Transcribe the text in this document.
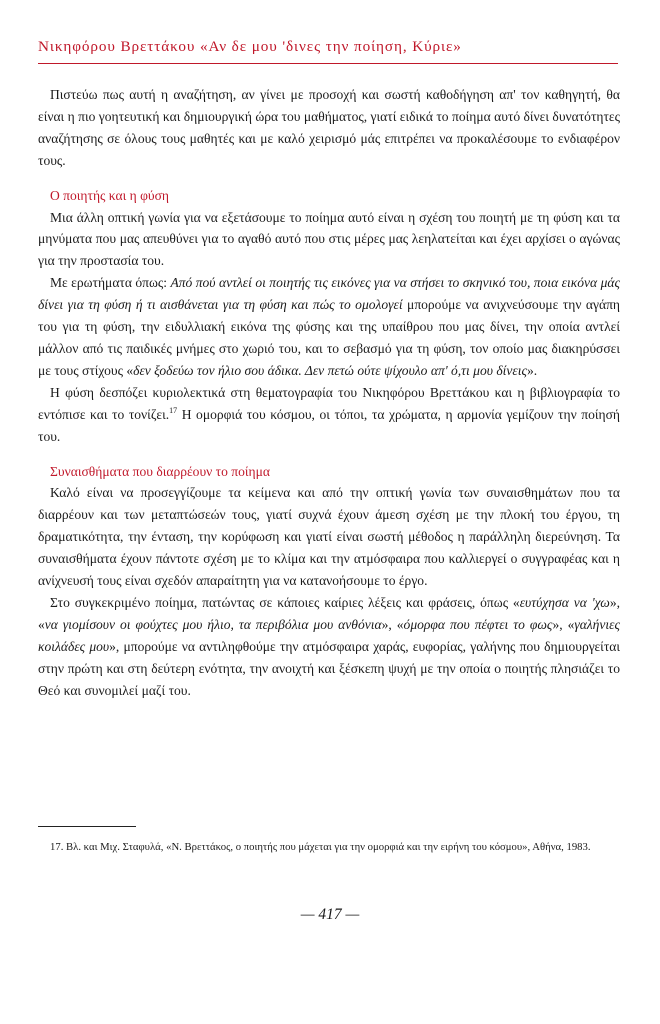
Νικηφόρου Βρεττάκου «Αν δε μου 'δινες την ποίηση, Κύριε»

Πιστεύω πως αυτή η αναζήτηση, αν γίνει με προσοχή και σωστή καθοδήγηση απ' τον καθηγητή, θα είναι η πιο γοητευτική και δημιουργική ώρα του μαθήματος, γιατί ειδικά το ποίημα αυτό δίνει δυνατότητες αναζήτησης σε όλους τους μαθητές και με καλό χειρισμό μάς επιτρέπει να προκαλέσουμε το ενδιαφέρον τους.

Ο ποιητής και η φύση

Μια άλλη οπτική γωνία για να εξετάσουμε το ποίημα αυτό είναι η σχέση του ποιητή με τη φύση και τα μηνύματα που μας απευθύνει για το αγαθό αυτό που στις μέρες μας λεηλατείται και έχει αρχίσει ο αγώνας για την προστασία του.

Με ερωτήματα όπως: Από πού αντλεί οι ποιητής τις εικόνες για να στήσει το σκηνικό του, ποια εικόνα μάς δίνει για τη φύση ή τι αισθάνεται για τη φύση και πώς το ομολογεί μπορούμε να ανιχνεύσουμε την αγάπη του για τη φύση, την ειδυλλιακή εικόνα της φύσης και της υπαίθρου που μας δίνει, την οποία αντλεί μάλλον από τις παιδικές μνήμες στο χωριό του, και το σεβασμό για τη φύση, τον οποίο μας διακηρύσσει με τους στίχους «δεν ξοδεύω τον ήλιο σου άδικα. Δεν πετώ ούτε ψίχουλο απ' ό,τι μου δίνεις».

Η φύση δεσπόζει κυριολεκτικά στη θεματογραφία του Νικηφόρου Βρεττάκου και η βιβλιογραφία το εντόπισε και το τονίζει.$^{17}$ Η ομορφιά του κόσμου, οι τόποι, τα χρώματα, η αρμονία γεμίζουν την ποίησή του.

Συναισθήματα που διαρρέουν το ποίημα

Καλό είναι να προσεγγίζουμε τα κείμενα και από την οπτική γωνία των συναισθημάτων που τα διαρρέουν και των μεταπτώσεών τους, γιατί συχνά έχουν άμεση σχέση με την πλοκή του έργου, τη δραματικότητα, την ένταση, την κορύφωση και γιατί είναι σωστή μέθοδος η παράλληλη διερεύνηση. Τα συναισθήματα έχουν πάντοτε σχέση με το κλίμα και την ατμόσφαιρα που καλλιεργεί ο συγγραφέας και η ανίχνευσή τους είναι σχεδόν απαραίτητη για να κατανοήσουμε το έργο.

Στο συγκεκριμένο ποίημα, πατώντας σε κάποιες καίριες λέξεις και φράσεις, όπως «ευτύχησα να 'χω», «να γιομίσουν οι φούχτες μου ήλιο, τα περιβόλια μου ανθόνια», «όμορφα που πέφτει το φως», «γαλήνιες κοιλάδες μου», μπορούμε να αντιληφθούμε την ατμόσφαιρα χαράς, ευφορίας, γαλήνης που δημιουργείται στην πρώτη και στη δεύτερη ενότητα, την ανοιχτή και ξέσκεπη ψυχή με την οποία ο ποιητής πλησιάζει το Θεό και συνομιλεί μαζί του.

17. Βλ. και Μιχ. Σταφυλά, «Ν. Βρεττάκος, ο ποιητής που μάχεται για την ομορφιά και την ειρήνη του κόσμου», Αθήνα, 1983.
— 417 —
